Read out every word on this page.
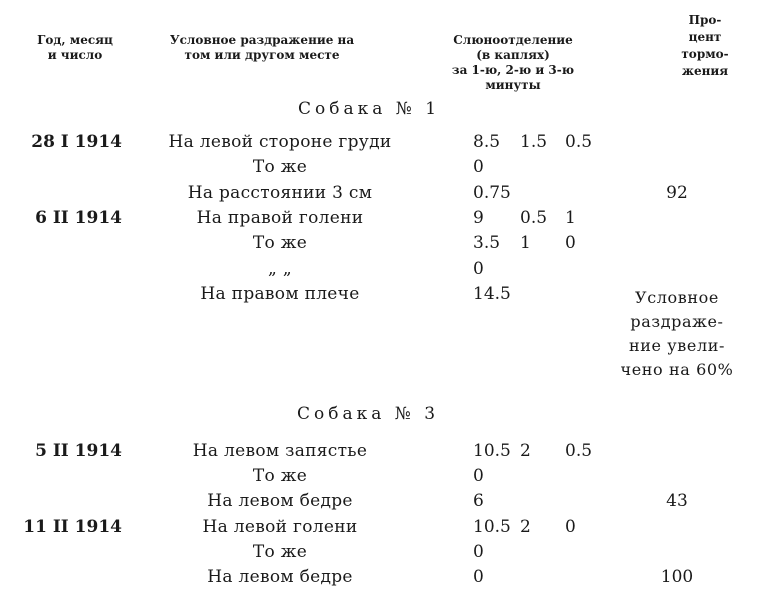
Год, месяц
и число
Условное раздражение на
том или другом месте
Слюноотделение
(в каплях)
за 1-ю, 2-ю и 3-ю
минуты
Про-
цент
тормо-
жения
Собака № 1
28 I 1914	На левой стороне груди	8.5 1.5 0.5
То же	0
На расстоянии 3 см	0.75	92
6 II 1914	На правой голени	9 0.5 1
То же	3.5 1 0
„ „	0
На правом плече	14.5	Условное
раздраже-
ние увели-
чено на 60%
Собака № 3
5 II 1914	На левом запястье	10.5 2 0.5
То же	0
На левом бедре	6	43
11 II 1914	На левой голени	10.5 2 0
То же	0
На левом бедре	0	100
